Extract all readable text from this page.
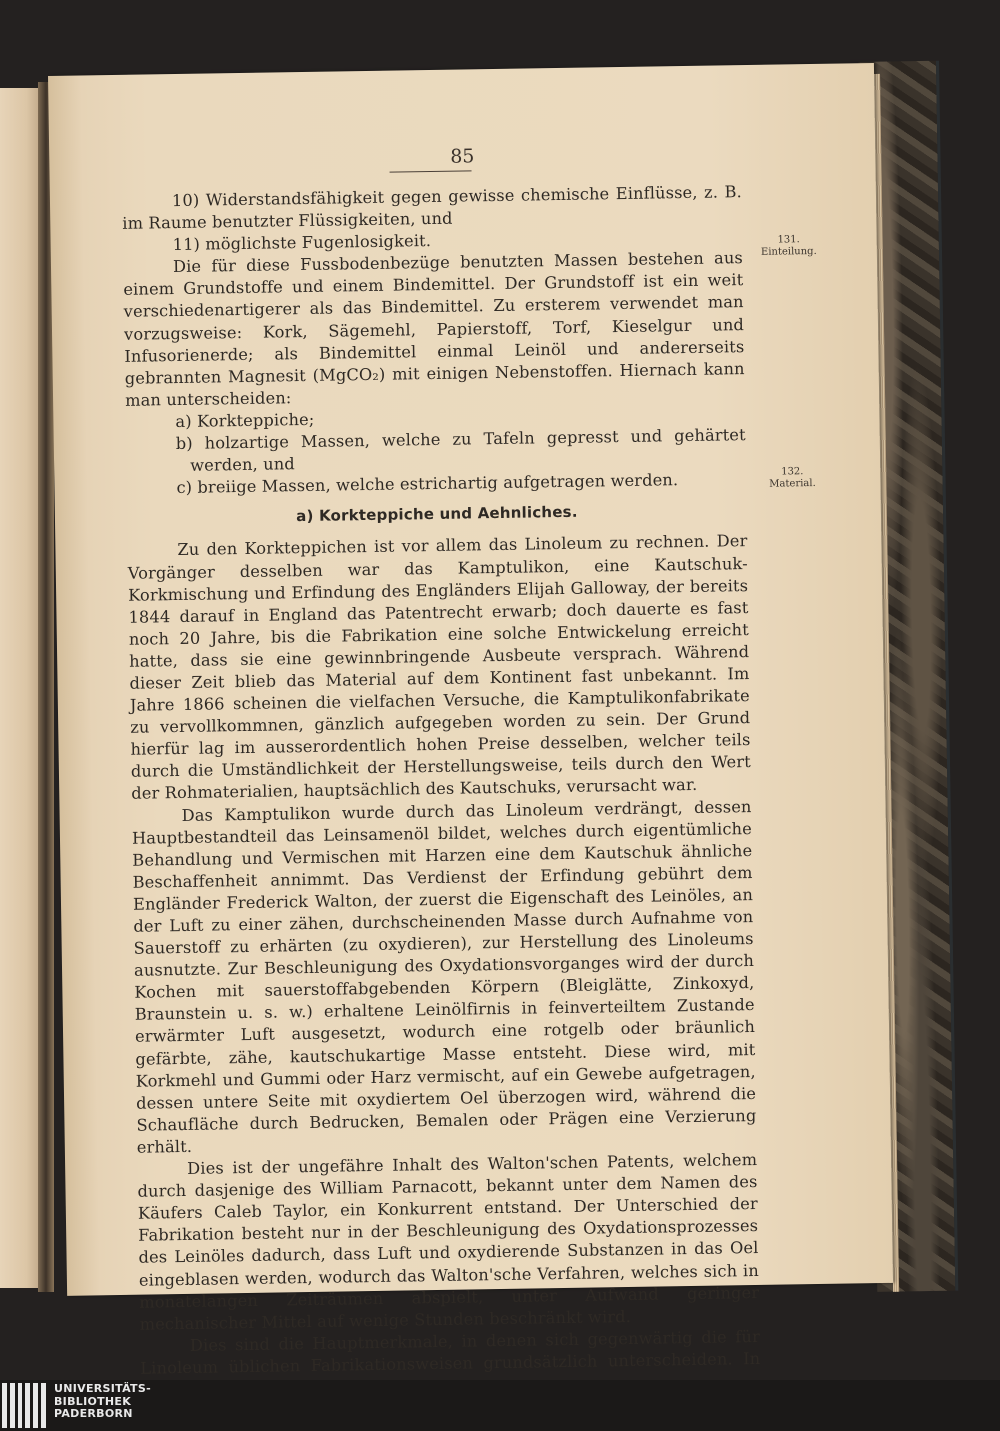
85

10) Widerstandsfähigkeit gegen gewisse chemische Einflüsse, z. B. im Raume benutzter Flüssigkeiten, und

11) möglichste Fugenlosigkeit.

Die für diese Fussbodenbezüge benutzten Massen bestehen aus einem Grundstoffe und einem Bindemittel. Der Grundstoff ist ein weit verschiedenartigerer als das Bindemittel. Zu ersterem verwendet man vorzugsweise: Kork, Sägemehl, Papierstoff, Torf, Kieselgur und Infusorienerde; als Bindemittel einmal Leinöl und andererseits gebrannten Magnesit (MgCO₂) mit einigen Nebenstoffen. Hiernach kann man unterscheiden:

a) Korkteppiche;

b) holzartige Massen, welche zu Tafeln gepresst und gehärtet werden, und

c) breiige Massen, welche estrichartig aufgetragen werden.

a) Korkteppiche und Aehnliches.

Zu den Korkteppichen ist vor allem das Linoleum zu rechnen. Der Vorgänger desselben war das Kamptulikon, eine Kautschuk-Korkmischung und Erfindung des Engländers Elijah Galloway, der bereits 1844 darauf in England das Patentrecht erwarb; doch dauerte es fast noch 20 Jahre, bis die Fabrikation eine solche Entwickelung erreicht hatte, dass sie eine gewinnbringende Ausbeute versprach. Während dieser Zeit blieb das Material auf dem Kontinent fast unbekannt. Im Jahre 1866 scheinen die vielfachen Versuche, die Kamptulikonfabrikate zu vervollkommnen, gänzlich aufgegeben worden zu sein. Der Grund hierfür lag im ausserordentlich hohen Preise desselben, welcher teils durch die Umständlichkeit der Herstellungsweise, teils durch den Wert der Rohmaterialien, hauptsächlich des Kautschuks, verursacht war.

Das Kamptulikon wurde durch das Linoleum verdrängt, dessen Hauptbestandteil das Leinsamenöl bildet, welches durch eigentümliche Behandlung und Vermischen mit Harzen eine dem Kautschuk ähnliche Beschaffenheit annimmt. Das Verdienst der Erfindung gebührt dem Engländer Frederick Walton, der zuerst die Eigenschaft des Leinöles, an der Luft zu einer zähen, durchscheinenden Masse durch Aufnahme von Sauerstoff zu erhärten (zu oxydieren), zur Herstellung des Linoleums ausnutzte. Zur Beschleunigung des Oxydationsvorganges wird der durch Kochen mit sauerstoffabgebenden Körpern (Bleiglätte, Zinkoxyd, Braunstein u. s. w.) erhaltene Leinölfirnis in feinverteiltem Zustande erwärmter Luft ausgesetzt, wodurch eine rotgelb oder bräunlich gefärbte, zähe, kautschukartige Masse entsteht. Diese wird, mit Korkmehl und Gummi oder Harz vermischt, auf ein Gewebe aufgetragen, dessen untere Seite mit oxydiertem Oel überzogen wird, während die Schaufläche durch Bedrucken, Bemalen oder Prägen eine Verzierung erhält.

Dies ist der ungefähre Inhalt des Walton'schen Patents, welchem durch dasjenige des William Parnacott, bekannt unter dem Namen des Käufers Caleb Taylor, ein Konkurrent entstand. Der Unterschied der Fabrikation besteht nur in der Beschleunigung des Oxydationsprozesses des Leinöles dadurch, dass Luft und oxydierende Substanzen in das Oel eingeblasen werden, wodurch das Walton'sche Verfahren, welches sich in monatelangen Zeiträumen abspielt, unter Aufwand geringer mechanischer Mittel auf wenige Stunden beschränkt wird.

Dies sind die Hauptmerkmale, in denen sich gegenwärtig die für Linoleum üblichen Fabrikationsweisen grundsätzlich unterscheiden. In

131.
Einteilung.
132.
Material.
UNIVERSITÄTS-
BIBLIOTHEK
PADERBORN
